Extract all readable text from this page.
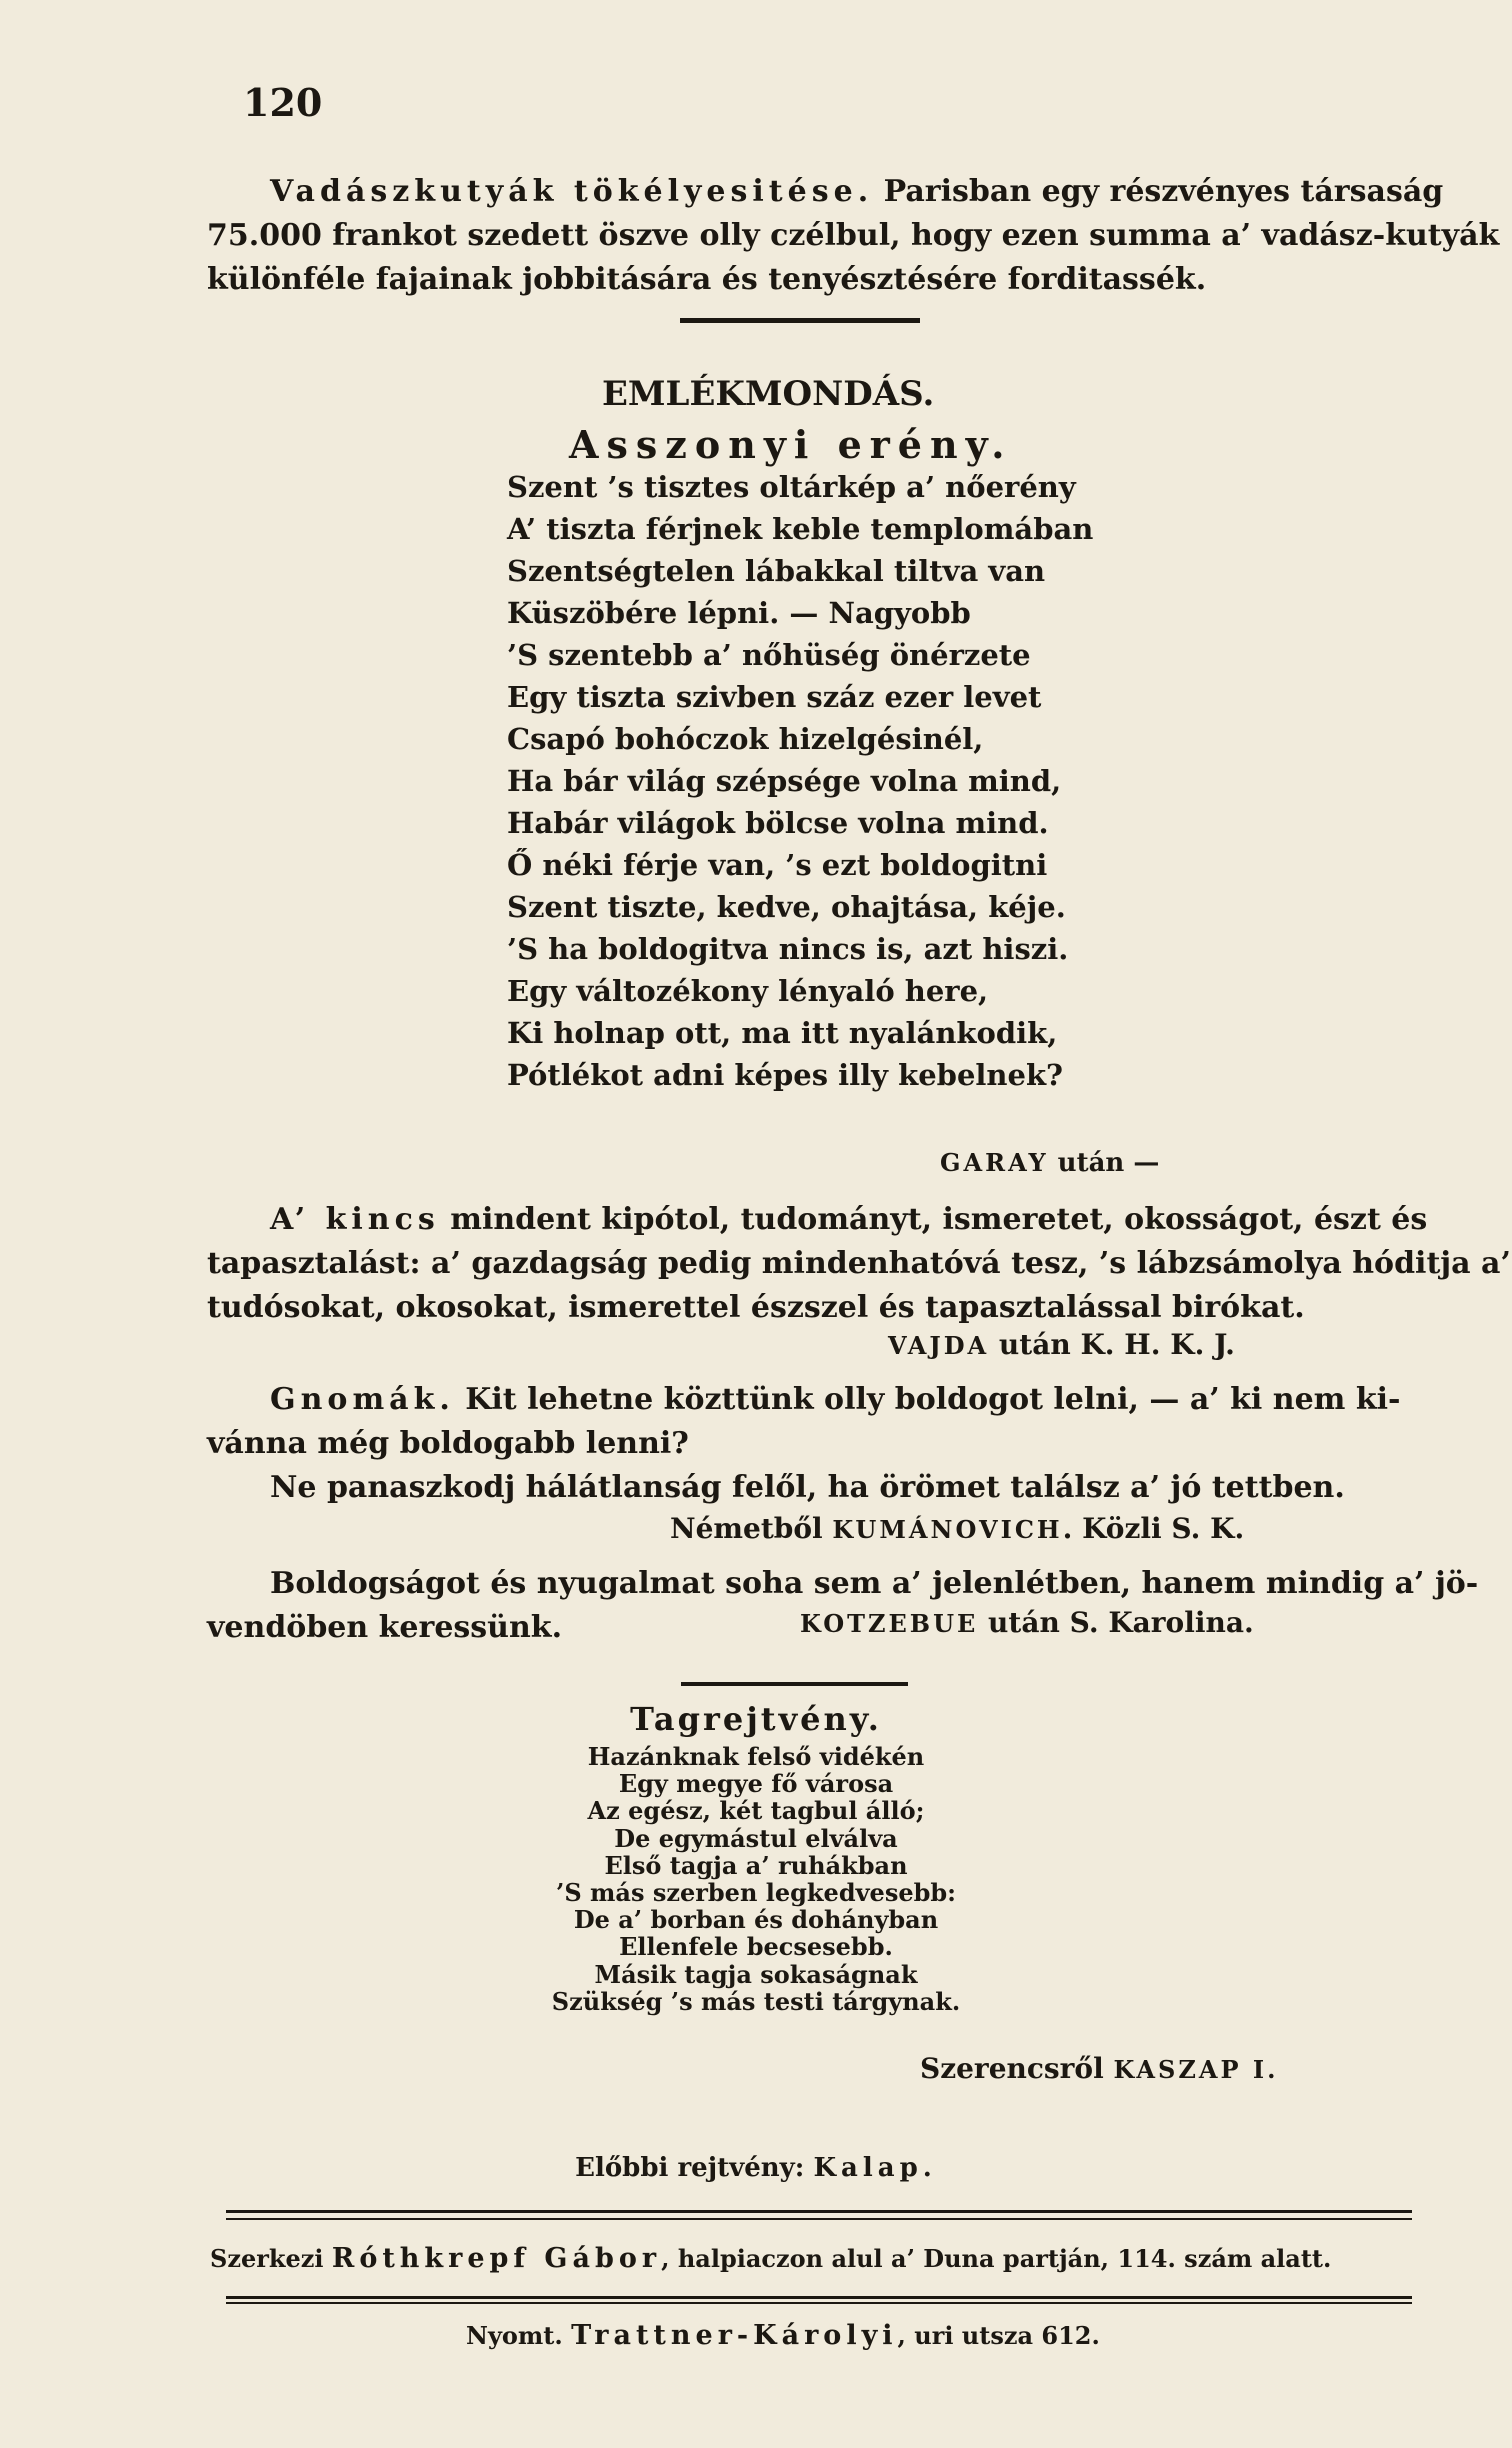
120
Vadászkutyák tökélyesitése. Parisban egy részvényes társaság
75.000 frankot szedett öszve olly czélbul, hogy ezen summa a’ vadász-kutyák
különféle fajainak jobbitására és tenyésztésére forditassék.
EMLÉKMONDÁS.
Asszonyi erény.
Szent ’s tisztes oltárkép a’ nőerény
A’ tiszta férjnek keble templomában
Szentségtelen lábakkal tiltva van
Küszöbére lépni. — Nagyobb
’S szentebb a’ nőhüség önérzete
Egy tiszta szivben száz ezer levet
Csapó bohóczok hizelgésinél,
Ha bár világ szépsége volna mind,
Habár világok bölcse volna mind.
Ő néki férje van, ’s ezt boldogitni
Szent tiszte, kedve, ohajtása, kéje.
’S ha boldogitva nincs is, azt hiszi.
Egy változékony lényaló here,
Ki holnap ott, ma itt nyalánkodik,
Pótlékot adni képes illy kebelnek?
GARAY után —
A’ kincs mindent kipótol, tudományt, ismeretet, okosságot, észt és
tapasztalást: a’ gazdagság pedig mindenhatóvá tesz, ’s lábzsámolya hóditja a’
tudósokat, okosokat, ismerettel észszel és tapasztalással birókat.
VAJDA után K. H. K. J.
Gnomák. Kit lehetne közttünk olly boldogot lelni, — a’ ki nem ki-
vánna még boldogabb lenni?
Ne panaszkodj hálátlanság felől, ha örömet találsz a’ jó tettben.
Németből KUMÁNOVICH. Közli S. K.
Boldogságot és nyugalmat soha sem a’ jelenlétben, hanem mindig a’ jö-
vendöben keressünk.	KOTZEBUE után S. Karolina.
Tagrejtvény.
Hazánknak felső vidékén
Egy megye fő városa
Az egész, két tagbul álló;
De egymástul elválva
Első tagja a’ ruhákban
’S más szerben legkedvesebb:
De a’ borban és dohányban
Ellenfele becsesebb.
Másik tagja sokaságnak
Szükség ’s más testi tárgynak.
Szerencsről KASZAP I.
Előbbi rejtvény: Kalap.
Szerkezi Róthkrepf Gábor, halpiaczon alul a’ Duna partján, 114. szám alatt.
Nyomt. Trattner-Károlyi, uri utsza 612.
